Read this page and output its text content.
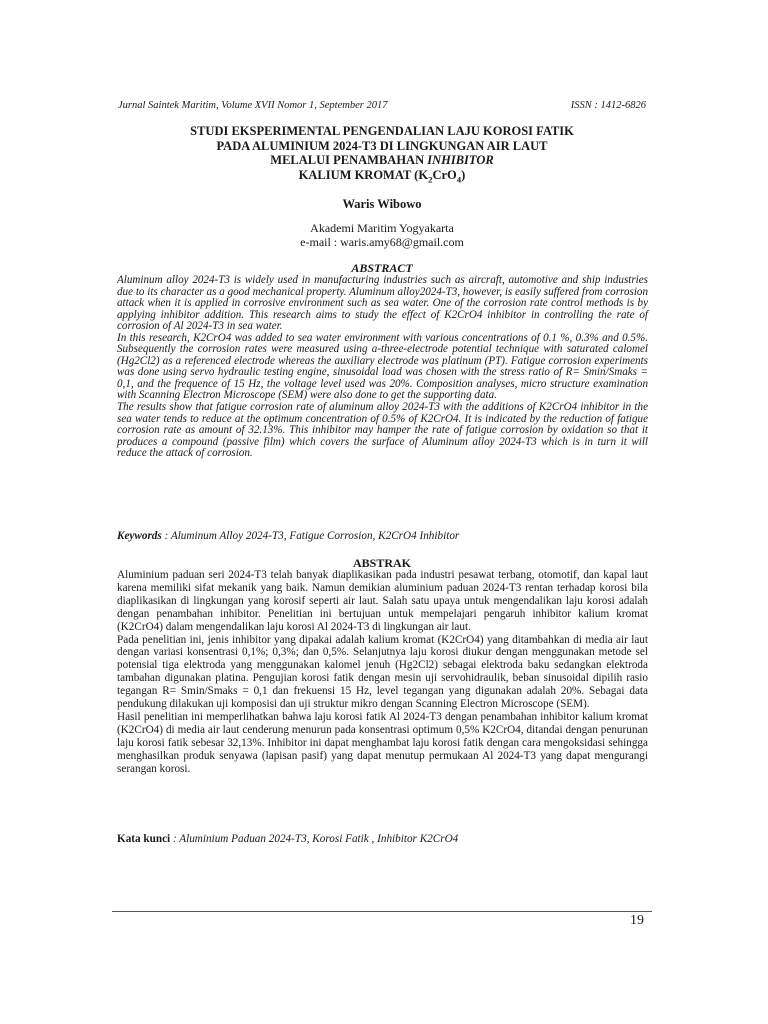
Jurnal Saintek Maritim, Volume XVII Nomor 1, September 2017	ISSN : 1412-6826
STUDI EKSPERIMENTAL PENGENDALIAN LAJU KOROSI FATIK
PADA ALUMINIUM 2024-T3 DI LINGKUNGAN AIR LAUT
MELALUI PENAMBAHAN INHIBITOR
KALIUM KROMAT $(K_2CrO_4)$
Waris Wibowo
Akademi Maritim Yogyakarta
e-mail : waris.amy68@gmail.com
ABSTRACT

Aluminum alloy 2024-T3 is widely used in manufacturing industries such as aircraft, automotive and ship industries due to its character as a good mechanical property. Aluminum alloy2024-T3, however, is easily suffered from corrosion attack when it is applied in corrosive environment such as sea water. One of the corrosion rate control methods is by applying inhibitor addition. This research aims to study the effect of K2CrO4 inhibitor in controlling the rate of corrosion of Al 2024-T3 in sea water.

In this research, K2CrO4 was added to sea water environment with various concentrations of 0.1 %, 0.3% and 0.5%. Subsequently the corrosion rates were measured using a-three-electrode potential technique with saturated calomel (Hg2Cl2) as a referenced electrode whereas the auxiliary electrode was platinum (PT). Fatigue corrosion experiments was done using servo hydraulic testing engine, sinusoidal load was chosen with the stress ratio of R= Smin/Smaks = 0,1, and the frequence of 15 Hz, the voltage level used was 20%. Composition analyses, micro structure examination with Scanning Electron Microscope (SEM) were also done to get the supporting data.

The results show that fatigue corrosion rate of aluminum alloy 2024-T3 with the additions of K2CrO4 inhibitor in the sea water tends to reduce at the optimum concentration of 0.5% of K2CrO4. It is indicated by the reduction of fatigue corrosion rate as amount of 32.13%. This inhibitor may hamper the rate of fatigue corrosion by oxidation so that it produces a compound (passive film) which covers the surface of Aluminum alloy 2024-T3 which is in turn it will reduce the attack of corrosion.

Keywords : Aluminum Alloy 2024-T3, Fatigue Corrosion, K2CrO4 Inhibitor
ABSTRAK

Aluminium paduan seri 2024-T3 telah banyak diaplikasikan pada industri pesawat terbang, otomotif, dan kapal laut karena memiliki sifat mekanik yang baik. Namun demikian aluminium paduan 2024-T3 rentan terhadap korosi bila diaplikasikan di lingkungan yang korosif seperti air laut. Salah satu upaya untuk mengendalikan laju korosi adalah dengan penambahan inhibitor. Penelitian ini bertujuan untuk mempelajari pengaruh inhibitor kalium kromat (K2CrO4) dalam mengendalikan laju korosi Al 2024-T3 di lingkungan air laut.

Pada penelitian ini, jenis inhibitor yang dipakai adalah kalium kromat (K2CrO4) yang ditambahkan di media air laut dengan variasi konsentrasi 0,1%; 0,3%; dan 0,5%. Selanjutnya laju korosi diukur dengan menggunakan metode sel potensial tiga elektroda yang menggunakan kalomel jenuh (Hg2Cl2) sebagai elektroda baku sedangkan elektroda tambahan digunakan platina. Pengujian korosi fatik dengan mesin uji servohidraulik, beban sinusoidal dipilih rasio tegangan R= Smin/Smaks = 0,1 dan frekuensi 15 Hz, level tegangan yang digunakan adalah 20%. Sebagai data pendukung dilakukan uji komposisi dan uji struktur mikro dengan Scanning Electron Microscope (SEM).

Hasil penelitian ini memperlihatkan bahwa laju korosi fatik Al 2024-T3 dengan penambahan inhibitor kalium kromat (K2CrO4) di media air laut cenderung menurun pada konsentrasi optimum 0,5% K2CrO4, ditandai dengan penurunan laju korosi fatik sebesar 32,13%. Inhibitor ini dapat menghambat laju korosi fatik dengan cara mengoksidasi sehingga menghasilkan produk senyawa (lapisan pasif) yang dapat menutup permukaan Al 2024-T3 yang dapat mengurangi serangan korosi.

Kata kunci : Aluminium Paduan 2024-T3, Korosi Fatik , Inhibitor K2CrO4
19
